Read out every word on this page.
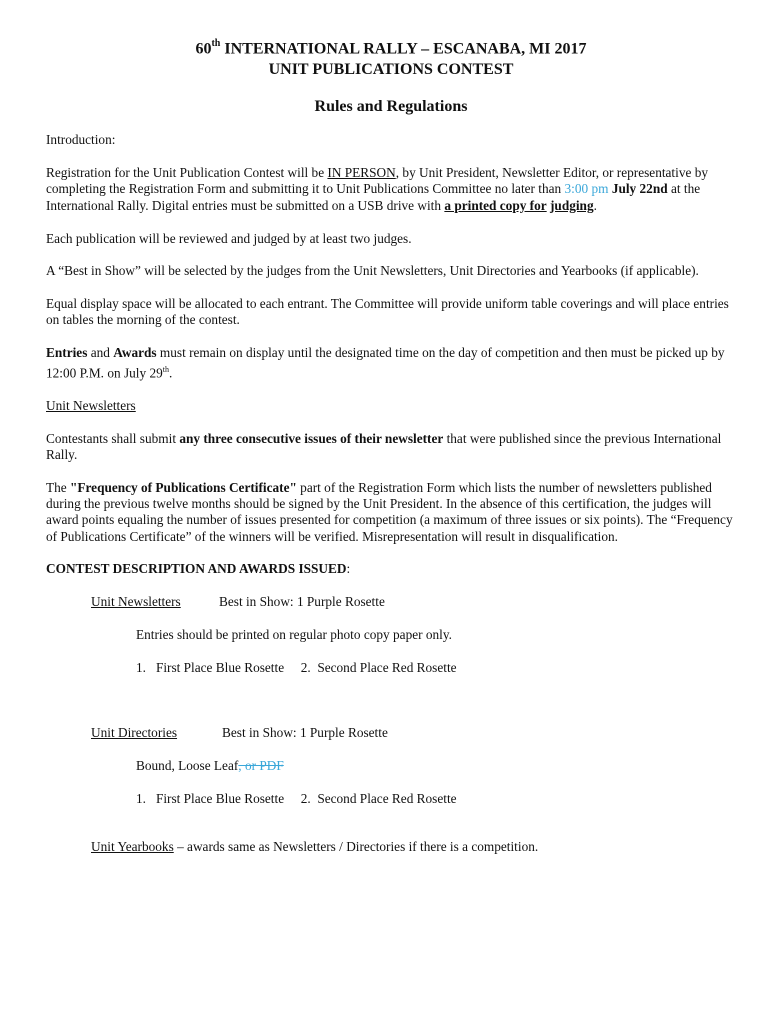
60th INTERNATIONAL RALLY – ESCANABA, MI 2017
UNIT PUBLICATIONS CONTEST
Rules and Regulations

Introduction:

Registration for the Unit Publication Contest will be IN PERSON, by Unit President, Newsletter Editor, or representative by completing the Registration Form and submitting it to Unit Publications Committee no later than 3:00 pm July 22nd at the International Rally. Digital entries must be submitted on a USB drive with a printed copy for judging.

Each publication will be reviewed and judged by at least two judges.

A “Best in Show” will be selected by the judges from the Unit Newsletters, Unit Directories and Yearbooks (if applicable).

Equal display space will be allocated to each entrant. The Committee will provide uniform table coverings and will place entries on tables the morning of the contest.

Entries and Awards must remain on display until the designated time on the day of competition and then must be picked up by 12:00 P.M. on July 29th.

Unit Newsletters

Contestants shall submit any three consecutive issues of their newsletter that were published since the previous International Rally.

The "Frequency of Publications Certificate" part of the Registration Form which lists the number of newsletters published during the previous twelve months should be signed by the Unit President. In the absence of this certification, the judges will award points equaling the number of issues presented for competition (a maximum of three issues or six points). The “Frequency of Publications Certificate” of the winners will be verified. Misrepresentation will result in disqualification.

CONTEST DESCRIPTION AND AWARDS ISSUED:

Unit Newsletters	Best in Show: 1 Purple Rosette

Entries should be printed on regular photo copy paper only.

1.   First Place Blue Rosette     2.  Second Place Red Rosette

Unit Directories	Best in Show: 1 Purple Rosette

Bound, Loose Leaf, or PDF

1.   First Place Blue Rosette     2.  Second Place Red Rosette

Unit Yearbooks – awards same as Newsletters / Directories if there is a competition.
